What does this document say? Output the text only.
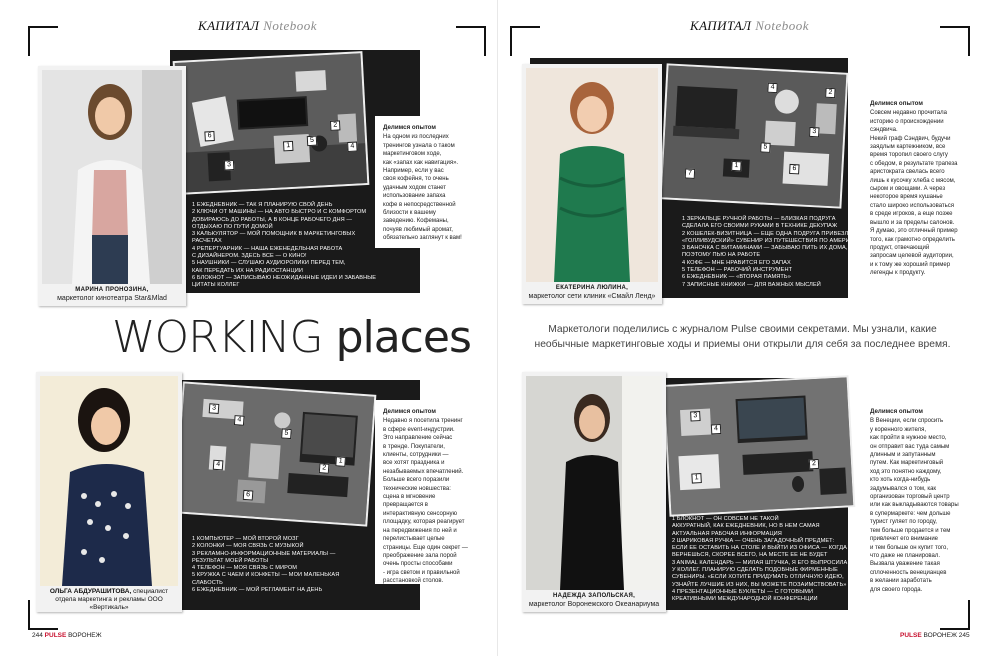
КАПИТАЛ Notebook	КАПИТАЛ Notebook
6
3
1
5
2
4
1 ЕЖЕДНЕВНИК — ТАК Я ПЛАНИРУЮ СВОЙ ДЕНЬ
2 КЛЮЧИ ОТ МАШИНЫ — НА АВТО БЫСТРО И С КОМФОРТОМ
ДОБИРАЮСЬ ДО РАБОТЫ, А В КОНЦЕ РАБОЧЕГО ДНЯ —
ОТДЫХАЮ ПО ПУТИ ДОМОЙ
3 КАЛЬКУЛЯТОР — МОЙ ПОМОЩНИК В МАРКЕТИНГОВЫХ
РАСЧЕТАХ
4 РЕПЕРТУАРНИК — НАША ЕЖЕНЕДЕЛЬНАЯ РАБОТА
С ДИЗАЙНЕРОМ. ЗДЕСЬ ВСЕ — О КИНО!
5 НАУШНИКИ — СЛУШАЮ АУДИОРОЛИКИ ПЕРЕД ТЕМ,
КАК ПЕРЕДАТЬ ИХ НА РАДИОСТАНЦИИ
6 БЛОКНОТ — ЗАПИСЫВАЮ НЕОЖИДАННЫЕ ИДЕИ И ЗАБАВНЫЕ
ЦИТАТЫ КОЛЛЕГ
Делимся опытом
На одном из последних
тренингов узнала о таком
маркетинговом ходе,
как «запах как навигация».
Например, если у вас
своя кофейня, то очень
удачным ходом станет
использование запаха
кофе в непосредственной
близости к вашему
заведению. Кофеманы,
почуяв любимый аромат,
обязательно заглянут к вам!
МАРИНА ПРОНОЗИНА,
маркетолог кинотеатра Star&Mlad
4
2
3
5
6
7
1
1 ЗЕРКАЛЬЦЕ РУЧНОЙ РАБОТЫ — БЛИЗКАЯ ПОДРУГА
СДЕЛАЛА ЕГО СВОИМИ РУКАМИ В ТЕХНИКЕ ДЕКУПАЖ
2 КОШЕЛЕК-ВИЗИТНИЦА — ЕЩЕ ОДНА ПОДРУГА ПРИВЕЗЛА
«ГОЛЛИВУДСКИЙ» СУВЕНИР ИЗ ПУТЕШЕСТВИЯ ПО АМЕРИКЕ
3 БАНОЧКА С ВИТАМИНАМИ — ЗАБЫВАЮ ПИТЬ ИХ ДОМА,
ПОЭТОМУ ПЬЮ НА РАБОТЕ
4 КОФЕ — МНЕ НРАВИТСЯ ЕГО ЗАПАХ
5 ТЕЛЕФОН — РАБОЧИЙ ИНСТРУМЕНТ
6 ЕЖЕДНЕВНИК — «ВТОРАЯ ПАМЯТЬ»
7 ЗАПИСНЫЕ КНИЖКИ — ДЛЯ ВАЖНЫХ МЫСЛЕЙ
Делимся опытом
Совсем недавно прочитала
историю о происхождении
сэндвича.
Некий граф Сэндвич, будучи
заядлым картежником, все
время торопил своего слугу
с обедом, в результате трапеза
аристократа свелась всего
лишь к кусочку хлеба с мясом,
сыром и овощами. А через
некоторое время кушанье
стало широко использоваться
в среде игроков, а еще позже
вышло и за пределы салонов.
Я думаю, это отличный пример
того, как грамотно определить
продукт, отвечающий
запросам целевой аудитории,
и к тому же хороший пример
легенды к продукту.
ЕКАТЕРИНА ЛЮЛИНА,
маркетолог сети клиник «Смайл Ленд»
WORKING places	Маркетологи поделились с журналом Pulse своими секретами. Мы узнали, какие необычные маркетинговые ходы и приемы они открыли для себя за последнее время.
3
4
5
1
2
4
6
1 КОМПЬЮТЕР — МОЙ ВТОРОЙ МОЗГ
2 КОЛОНКИ — МОЯ СВЯЗЬ С МУЗЫКОЙ
3 РЕКЛАМНО-ИНФОРМАЦИОННЫЕ МАТЕРИАЛЫ —
РЕЗУЛЬТАТ МОЕЙ РАБОТЫ
4 ТЕЛЕФОН — МОЯ СВЯЗЬ С МИРОМ
5 КРУЖКА С ЧАЕМ И КОНФЕТЫ — МОИ МАЛЕНЬКАЯ
СЛАБОСТЬ
6 ЕЖЕДНЕВНИК — МОЙ РЕГЛАМЕНТ НА ДЕНЬ
Делимся опытом
Недавно я посетила тренинг
в сфере event-индустрии.
Это направление сейчас
в тренде. Покупатели,
клиенты, сотрудники —
все хотят праздника и
незабываемых впечатлений.
Больше всего поразили
технические новшества:
сцена в мгновение
превращается в
интерактивную сенсорную
площадку, которая реагирует
на передвижения по ней и
перелистывает целые
страницы. Еще один секрет —
преображение зала порой
очень просты способами
- игра светом и правильной
расстановкой столов.
ОЛЬГА АБДУРАШИТОВА, специалист отдела маркетинга и рекламы ООО «Вертикаль»
3
4
1
2
1 БЛОКНОТ — ОН СОВСЕМ НЕ ТАКОЙ
АККУРАТНЫЙ, КАК ЕЖЕДНЕВНИК, НО В НЕМ САМАЯ
АКТУАЛЬНАЯ РАБОЧАЯ ИНФОРМАЦИЯ
2 ШАРИКОВАЯ РУЧКА — ОЧЕНЬ ЗАГАДОЧНЫЙ ПРЕДМЕТ:
ЕСЛИ ЕЕ ОСТАВИТЬ НА СТОЛЕ И ВЫЙТИ ИЗ ОФИСА — КОГДА
ВЕРНЕШЬСЯ, СКОРЕЕ ВСЕГО, НА МЕСТЕ ЕЕ НЕ БУДЕТ
3 ANIMAL КАЛЕНДАРЬ — МИЛАЯ ШТУЧКА, Я ЕГО ВЫПРОСИЛА
У КОЛЛЕГ. ПЛАНИРУЮ СДЕЛАТЬ ПОДОБНЫЕ ФИРМЕННЫЕ
СУВЕНИРЫ. «ЕСЛИ ХОТИТЕ ПРИДУМАТЬ ОТЛИЧНУЮ ИДЕЮ,
УЗНАЙТЕ ЛУЧШИЕ ИЗ НИХ, ВЫ МОЖЕТЕ ПОЗАИМСТВОВАТЬ»
4 ПРЕЗЕНТАЦИОННЫЕ БУКЛЕТЫ — С ГОТОВЫМИ
КРЕАТИВНЫМИ МЕЖДУНАРОДНОЙ КОНФЕРЕНЦИИ
Делимся опытом
В Венеции, если спросить
у коренного жителя,
как пройти в нужное место,
он отправит вас туда самым
длинным и запутанным
путем. Как маркетинговый
ход это понятно каждому,
кто хоть когда-нибудь
задумывался о том, как
организован торговый центр
или как выкладываются товары
в супермаркете: чем дольше
турист гуляет по городу,
тем больше продается и тем
привлечет его внимание
и тем больше он купит того,
что даже не планировал.
Вызвала уважение такая
сплоченность венецианцев
в желании заработать
для своего города.
НАДЕЖДА ЗАПОЛЬСКАЯ,
маркетолог Воронежского Океанариума
244 PULSE ВОРОНЕЖ	PULSE ВОРОНЕЖ 245
